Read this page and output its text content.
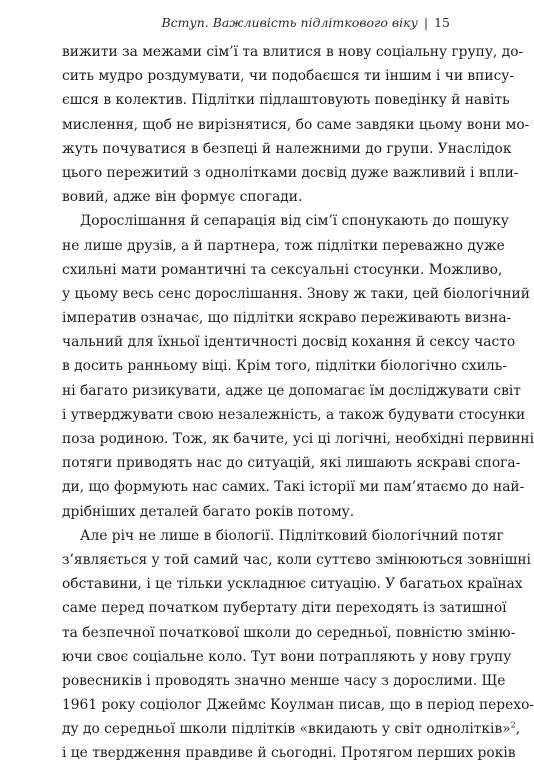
Вступ. Важливість підліткового віку | 15
вижити за межами сім’ї та влитися в нову соціальну групу, до-
сить мудро роздумувати, чи подобаєшся ти іншим і чи впису-
єшся в колектив. Підлітки підлаштовують поведінку й навіть
мислення, щоб не вирізнятися, бо саме завдяки цьому вони мо-
жуть почуватися в безпеці й належними до групи. Унаслідок
цього пережитий з однолітками досвід дуже важливий і впли-
вовий, адже він формує спогади.
Дорослішання й сепарація від сім’ї спонукають до пошуку
не лише друзів, а й партнера, тож підлітки переважно дуже
схильні мати романтичні та сексуальні стосунки. Можливо,
у цьому весь сенс дорослішання. Знову ж таки, цей біологічний
імператив означає, що підлітки яскраво переживають визна-
чальний для їхньої ідентичності досвід кохання й сексу часто
в досить ранньому віці. Крім того, підлітки біологічно схиль-
ні багато ризикувати, адже це допомагає їм досліджувати світ
і утверджувати свою незалежність, а також будувати стосунки
поза родиною. Тож, як бачите, усі ці логічні, необхідні первинні
потяги приводять нас до ситуацій, які лишають яскраві спога-
ди, що формують нас самих. Такі історії ми пам’ятаємо до най-
дрібніших деталей багато років потому.
Але річ не лише в біології. Підлітковий біологічний потяг
з’являється у той самий час, коли суттєво змінюються зовнішні
обставини, і це тільки ускладнює ситуацію. У багатьох країнах
саме перед початком пубертату діти переходять із затишної
та безпечної початкової школи до середньої, повністю зміню-
ючи своє соціальне коло. Тут вони потрапляють у нову групу
ровесників і проводять значно менше часу з дорослими. Ще
1961 року соціолог Джеймс Коулман писав, що в період перехо-
ду до середньої школи підлітків «вкидають у світ однолітків»$^2$,
і це твердження правдиве й сьогодні. Протягом перших років
